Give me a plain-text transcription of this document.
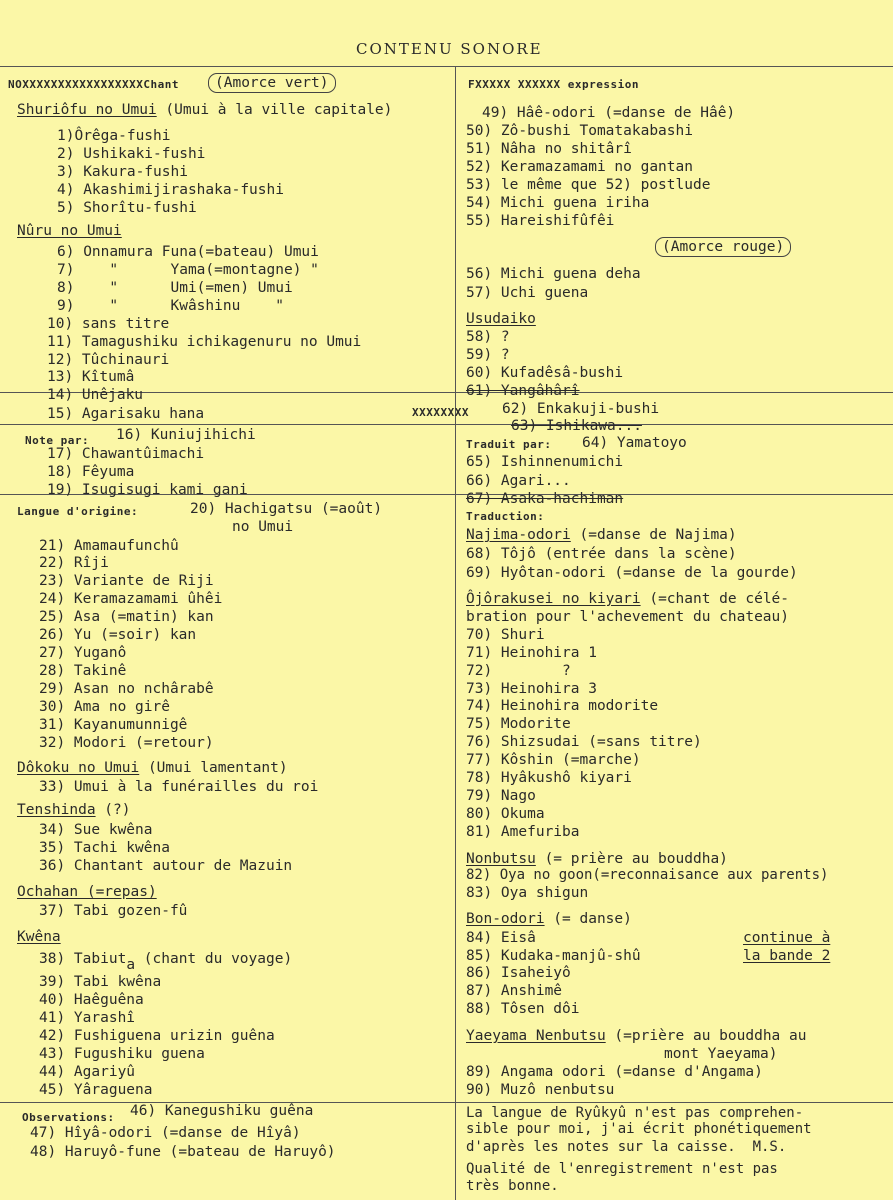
CONTENU SONORE
NOXXXXXXXXXXXXXXXXXChant	(Amorce vert)	FXXXXX XXXXXX expression
Shuriôfu no Umui (Umui à la ville capitale)
1)Ôrêga-fushi
2) Ushikaki-fushi
3) Kakura-fushi
4) Akashimijirashaka-fushi
5) Shorîtu-fushi
Nûru no Umui
6) Onnamura Funa(=bateau) Umui
7)    "      Yama(=montagne) "
8)    "      Umi(=men) Umui
9)    "      Kwâshinu    "
10) sans titre
11) Tamagushiku ichikagenuru no Umui
12) Tûchinauri
13) Kîtumâ
14) Unêjaku
15) Agarisaku hana
Note par: 16) Kuniujihichi
17) Chawantûimachi
18) Fêyuma
19) Isugisugi kami gani
Langue d'origine:	20) Hachigatsu (=août)
no Umui
21) Amamaufunchû
22) Rîji
23) Variante de Riji
24) Keramazamami ûhêi
25) Asa (=matin) kan
26) Yu (=soir) kan
27) Yuganô
28) Takinê
29) Asan no nchârabê
30) Ama no girê
31) Kayanumunnigê
32) Modori (=retour)
Dôkoku no Umui (Umui lamentant)
33) Umui à la funérailles du roi
Tenshinda (?)
34) Sue kwêna
35) Tachi kwêna
36) Chantant autour de Mazuin
Ochahan (=repas)
37) Tabi gozen-fû
Kwêna
38) Tabiuta (chant du voyage)
39) Tabi kwêna
40) Haêguêna
41) Yarashî
42) Fushiguena urizin guêna
43) Fugushiku guena
44) Agariyû
45) Yâraguena
Observations: 46) Kanegushiku guêna
47) Hîyâ-odori (=danse de Hîyâ)
48) Haruyô-fune (=bateau de Haruyô)
49) Hâê-odori (=danse de Hâê)
50) Zô-bushi Tomatakabashi
51) Nâha no shitârî
52) Keramazamami no gantan
53) le même que 52) postlude
54) Michi guena iriha
55) Hareishifûfêi
(Amorce rouge)
56) Michi guena deha
57) Uchi guena
Usudaiko
58) ?
59) ?
60) Kufadêsâ-bushi
61) Yangâhârî
XXXXXXXX 62) Enkakuji-bushi
63) Ishikawa...
Traduit par: 64) Yamatoyo
65) Ishinnenumichi
66) Agari...
67) Asaka-hachiman
Traduction:
Najima-odori (=danse de Najima)
68) Tôjô (entrée dans la scène)
69) Hyôtan-odori (=danse de la gourde)
Ôjôrakusei no kiyari (=chant de célé-
bration pour l'achevement du chateau)
70) Shuri
71) Heinohira 1
72)        ?
73) Heinohira 3
74) Heinohira modorite
75) Modorite
76) Shizsudai (=sans titre)
77) Kôshin (=marche)
78) Hyâkushô kiyari
79) Nago
80) Okuma
81) Amefuriba
Nonbutsu (= prière au bouddha)
82) Oya no goon(=reconnaisance aux parents)
83) Oya shigun
Bon-odori (= danse)
84) Eisâ	continue à
85) Kudaka-manjû-shû	la bande 2
86) Isaheiyô
87) Anshimê
88) Tôsen dôi
Yaeyama Nenbutsu (=prière au bouddha au
mont Yaeyama)
89) Angama odori (=danse d'Angama)
90) Muzô nenbutsu
La langue de Ryûkyû n'est pas comprehen-
sible pour moi, j'ai écrit phonétiquement
d'après les notes sur la caisse.  M.S.
Qualité de l'enregistrement n'est pas
très bonne.
